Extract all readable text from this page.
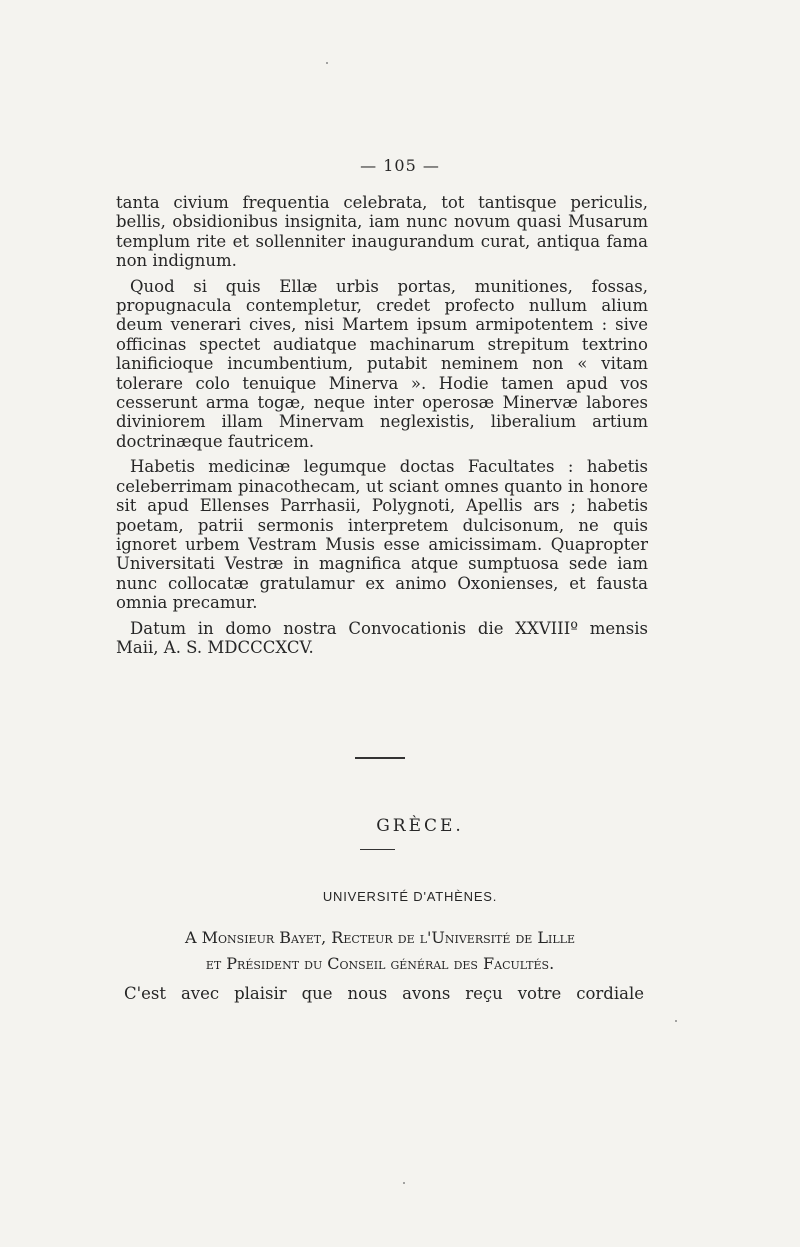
— 105 —

tanta civium frequentia celebrata, tot tantisque periculis, bellis, obsidionibus insignita, iam nunc novum quasi Musarum templum rite et sollenniter inaugurandum curat, antiqua fama non indignum.

Quod si quis Ellæ urbis portas, munitiones, fossas, propugnacula contempletur, credet profecto nullum alium deum venerari cives, nisi Martem ipsum armipotentem : sive officinas spectet audiatque machinarum strepitum textrino lanificioque incumbentium, putabit neminem non « vitam tolerare colo tenuique Minerva ». Hodie tamen apud vos cesserunt arma togæ, neque inter operosæ Minervæ labores diviniorem illam Minervam neglexistis, liberalium artium doctrinæque fautricem.

Habetis medicinæ legumque doctas Facultates : habetis celeberrimam pinacothecam, ut sciant omnes quanto in honore sit apud Ellenses Parrhasii, Polygnoti, Apellis ars ; habetis poetam, patrii sermonis interpretem dulcisonum, ne quis ignoret urbem Vestram Musis esse amicissimam. Quapropter Universitati Vestræ in magnifica atque sumptuosa sede iam nunc collocatæ gratulamur ex animo Oxonienses, et fausta omnia precamur.

Datum in domo nostra Convocationis die XXVIIIº mensis Maii, A. S. MDCCCXCV.

GRÈCE.
UNIVERSITÉ D'ATHÈNES.
A Monsieur Bayet, Recteur de l'Université de Lille
et Président du Conseil général des Facultés.
C'est avec plaisir que nous avons reçu votre cordiale
